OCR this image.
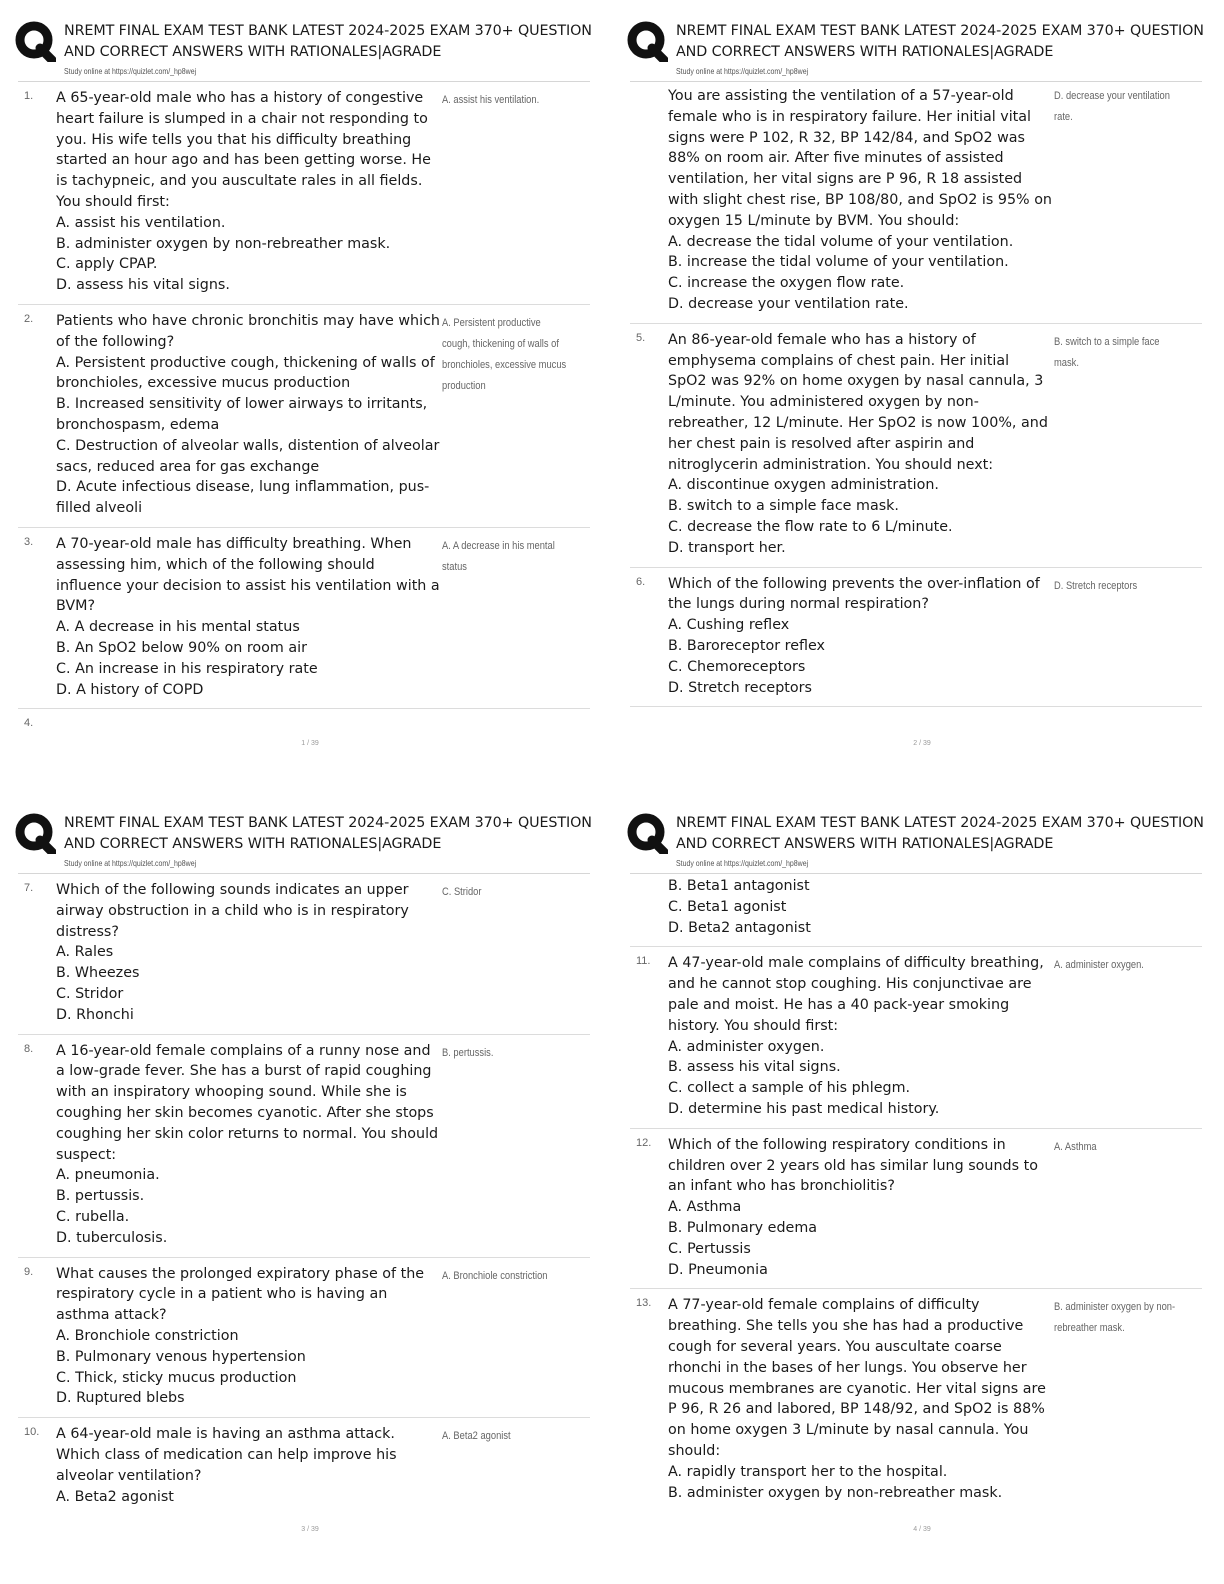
NREMT FINAL EXAM TEST BANK LATEST 2024-2025 EXAM 370+ QUESTION AND CORRECT ANSWERS WITH RATIONALES|AGRADE
Study online at https://quizlet.com/_hp8wej
1. A 65-year-old male who has a history of congestive heart failure is slumped in a chair not responding to you. His wife tells you that his difficulty breathing started an hour ago and has been getting worse. He is tachypneic, and you auscultate rales in all fields. You should first:
A. assist his ventilation.
B. administer oxygen by non-rebreather mask.
C. apply CPAP.
D. assess his vital signs.
A. assist his ventilation.
2. Patients who have chronic bronchitis may have which of the following?
A. Persistent productive cough, thickening of walls of bronchioles, excessive mucus production
B. Increased sensitivity of lower airways to irritants, bronchospasm, edema
C. Destruction of alveolar walls, distention of alveolar sacs, reduced area for gas exchange
D. Acute infectious disease, lung inflammation, pus-filled alveoli
A. Persistent productive cough, thickening of walls of bronchioles, excessive mucus production
3. A 70-year-old male has difficulty breathing. When assessing him, which of the following should influence your decision to assist his ventilation with a BVM?
A. A decrease in his mental status
B. An SpO2 below 90% on room air
C. An increase in his respiratory rate
D. A history of COPD
A. A decrease in his mental status
4.
1 / 39
NREMT FINAL EXAM TEST BANK LATEST 2024-2025 EXAM 370+ QUESTION AND CORRECT ANSWERS WITH RATIONALES|AGRADE
Study online at https://quizlet.com/_hp8wej
You are assisting the ventilation of a 57-year-old female who is in respiratory failure. Her initial vital signs were P 102, R 32, BP 142/84, and SpO2 was 88% on room air. After five minutes of assisted ventilation, her vital signs are P 96, R 18 assisted with slight chest rise, BP 108/80, and SpO2 is 95% on oxygen 15 L/minute by BVM. You should:
A. decrease the tidal volume of your ventilation.
B. increase the tidal volume of your ventilation.
C. increase the oxygen flow rate.
D. decrease your ventilation rate.
D. decrease your ventilation rate.
5. An 86-year-old female who has a history of emphysema complains of chest pain. Her initial SpO2 was 92% on home oxygen by nasal cannula, 3 L/minute. You administered oxygen by non-rebreather, 12 L/minute. Her SpO2 is now 100%, and her chest pain is resolved after aspirin and nitroglycerin administration. You should next:
A. discontinue oxygen administration.
B. switch to a simple face mask.
C. decrease the flow rate to 6 L/minute.
D. transport her.
B. switch to a simple face mask.
6. Which of the following prevents the over-inflation of the lungs during normal respiration?
A. Cushing reflex
B. Baroreceptor reflex
C. Chemoreceptors
D. Stretch receptors
D. Stretch receptors
2 / 39
NREMT FINAL EXAM TEST BANK LATEST 2024-2025 EXAM 370+ QUESTION AND CORRECT ANSWERS WITH RATIONALES|AGRADE
Study online at https://quizlet.com/_hp8wej
7. Which of the following sounds indicates an upper airway obstruction in a child who is in respiratory distress?
A. Rales
B. Wheezes
C. Stridor
D. Rhonchi
C. Stridor
8. A 16-year-old female complains of a runny nose and a low-grade fever. She has a burst of rapid coughing with an inspiratory whooping sound. While she is coughing her skin becomes cyanotic. After she stops coughing her skin color returns to normal. You should suspect:
A. pneumonia.
B. pertussis.
C. rubella.
D. tuberculosis.
B. pertussis.
9. What causes the prolonged expiratory phase of the respiratory cycle in a patient who is having an asthma attack?
A. Bronchiole constriction
B. Pulmonary venous hypertension
C. Thick, sticky mucus production
D. Ruptured blebs
A. Bronchiole constriction
10. A 64-year-old male is having an asthma attack. Which class of medication can help improve his alveolar ventilation?
A. Beta2 agonist
A. Beta2 agonist
3 / 39
NREMT FINAL EXAM TEST BANK LATEST 2024-2025 EXAM 370+ QUESTION AND CORRECT ANSWERS WITH RATIONALES|AGRADE
Study online at https://quizlet.com/_hp8wej
B. Beta1 antagonist
C. Beta1 agonist
D. Beta2 antagonist
11. A 47-year-old male complains of difficulty breathing, and he cannot stop coughing. His conjunctivae are pale and moist. He has a 40 pack-year smoking history. You should first:
A. administer oxygen.
B. assess his vital signs.
C. collect a sample of his phlegm.
D. determine his past medical history.
A. administer oxygen.
12. Which of the following respiratory conditions in children over 2 years old has similar lung sounds to an infant who has bronchiolitis?
A. Asthma
B. Pulmonary edema
C. Pertussis
D. Pneumonia
A. Asthma
13. A 77-year-old female complains of difficulty breathing. She tells you she has had a productive cough for several years. You auscultate coarse rhonchi in the bases of her lungs. You observe her mucous membranes are cyanotic. Her vital signs are P 96, R 26 and labored, BP 148/92, and SpO2 is 88% on home oxygen 3 L/minute by nasal cannula. You should:
A. rapidly transport her to the hospital.
B. administer oxygen by non-rebreather mask.
B. administer oxygen by non-rebreather mask.
4 / 39
